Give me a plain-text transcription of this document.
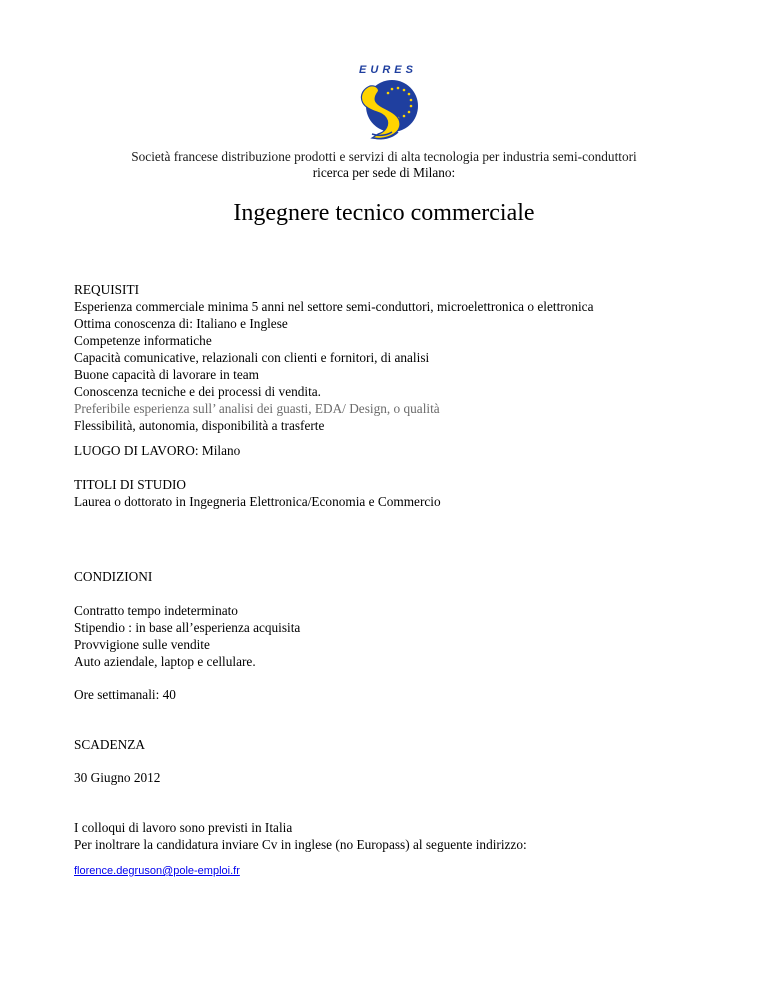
EURES
Società francese distribuzione prodotti e servizi di alta tecnologia per industria semi-conduttori
ricerca per sede di Milano:
Ingegnere tecnico commerciale
REQUISITI
Esperienza commerciale minima 5 anni nel settore semi-conduttori, microelettronica o elettronica
Ottima conoscenza di: Italiano e Inglese
Competenze informatiche
Capacità comunicative, relazionali con clienti e fornitori, di analisi
Buone capacità di lavorare in team
Conoscenza tecniche e dei processi di vendita.
Preferibile esperienza sull’ analisi dei guasti, EDA/ Design, o qualità
Flessibilità, autonomia, disponibilità a trasferte
LUOGO DI LAVORO: Milano
TITOLI DI STUDIO
Laurea o dottorato in Ingegneria Elettronica/Economia e Commercio
CONDIZIONI
Contratto tempo indeterminato
Stipendio : in base all’esperienza acquisita
Provvigione sulle vendite
Auto aziendale, laptop e cellulare.
Ore settimanali: 40
SCADENZA
30 Giugno 2012
I colloqui di lavoro sono previsti in Italia
Per inoltrare la candidatura inviare Cv in inglese (no Europass) al seguente indirizzo:
florence.degruson@pole-emploi.fr
